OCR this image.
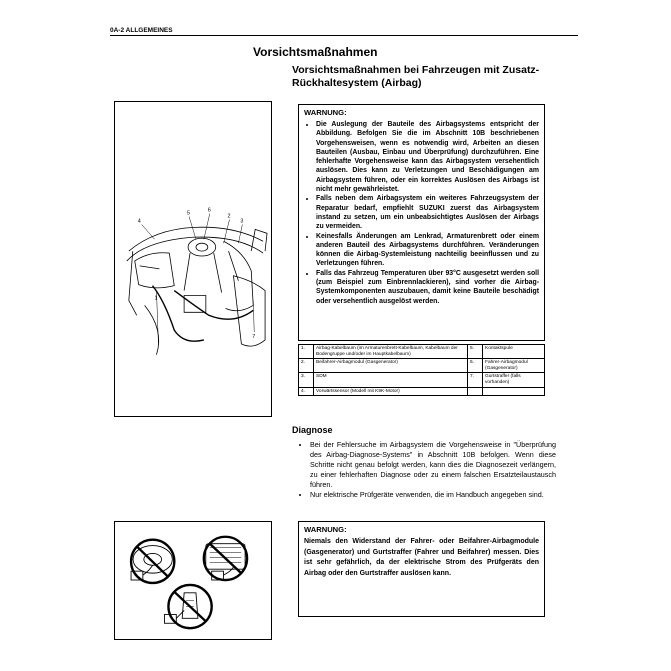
0A-2 ALLGEMEINES
Vorsichtsmaßnahmen
Vorsichtsmaßnahmen bei Fahrzeugen mit Zusatz-Rückhaltesystem (Airbag)
4
5	6
2
3
1
7
WARNUNG:
• Die Auslegung der Bauteile des Airbagsystems entspricht der Abbildung. Befolgen Sie die im Abschnitt 10B beschriebenen Vorgehensweisen, wenn es notwendig wird, Arbeiten an diesen Bauteilen (Ausbau, Einbau und Überprüfung) durchzuführen. Eine fehlerhafte Vorgehensweise kann das Airbagsystem versehentlich auslösen. Dies kann zu Verletzungen und Beschädigungen am Airbagsystem führen, oder ein korrektes Auslösen des Airbags ist nicht mehr gewährleistet.
• Falls neben dem Airbagsystem ein weiteres Fahrzeugsystem der Reparatur bedarf, empfiehlt SUZUKI zuerst das Airbagsystem instand zu setzen, um ein unbeabsichtigtes Auslösen der Airbags zu vermeiden.
• Keinesfalls Änderungen am Lenkrad, Armaturenbrett oder einem anderen Bauteil des Airbagsystems durchführen. Veränderungen können die Airbag-Systemleistung nachteilig beeinflussen und zu Verletzungen führen.
• Falls das Fahrzeug Temperaturen über 93°C ausgesetzt werden soll (zum Beispiel zum Einbrennlackieren), sind vorher die Airbag-Systemkomponenten auszubauen, damit keine Bauteile beschädigt oder versehentlich ausgelöst werden.
1.	Airbag-Kabelbaum (im Armaturenbrett-Kabelbaum, Kabelbaum der Bodengruppe und/oder im Hauptkabelbaum)	5.	Kontaktspule
2.	Beifahrer-Airbagmodul (Gasgenerator)	6.	Fahrer-Airbagmodul (Gasgenerator)
3.	SDM	7.	Gurtstraffer (falls vorhanden)
4.	Vorwärtssensor (Modell mit K9K-Motor)		
Diagnose
• Bei der Fehlersuche im Airbagsystem die Vorgehensweise in "Überprüfung des Airbag-Diagnose-Systems" in Abschnitt 10B befolgen. Wenn diese Schritte nicht genau befolgt werden, kann dies die Diagnosezeit verlängern, zu einer fehlerhaften Diagnose oder zu einem falschen Ersatzteilaustausch führen.
• Nur elektrische Prüfgeräte verwenden, die im Handbuch angegeben sind.
WARNUNG:
Niemals den Widerstand der Fahrer- oder Beifahrer-Airbagmodule (Gasgenerator) und Gurtstraffer (Fahrer und Beifahrer) messen. Dies ist sehr gefährlich, da der elektrische Strom des Prüfgeräts den Airbag oder den Gurtstraffer auslösen kann.
